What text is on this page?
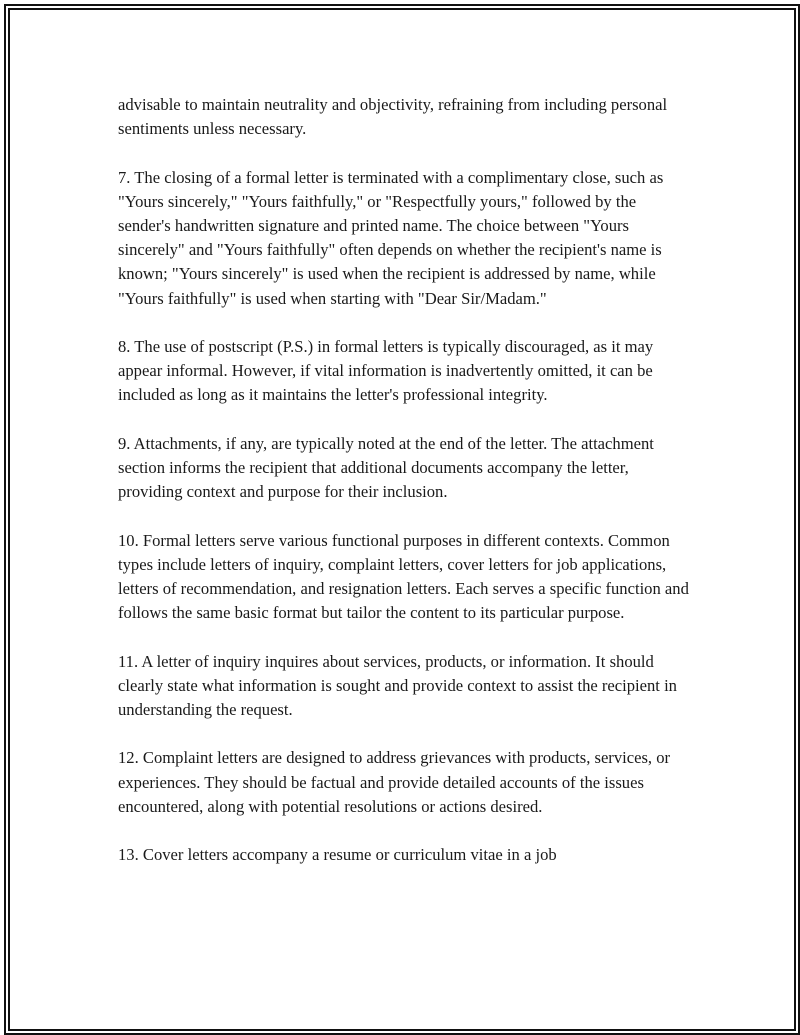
advisable to maintain neutrality and objectivity, refraining from including personal sentiments unless necessary.

7. The closing of a formal letter is terminated with a complimentary close, such as "Yours sincerely," "Yours faithfully," or "Respectfully yours," followed by the sender's handwritten signature and printed name. The choice between "Yours sincerely" and "Yours faithfully" often depends on whether the recipient's name is known; "Yours sincerely" is used when the recipient is addressed by name, while "Yours faithfully" is used when starting with "Dear Sir/Madam."

8. The use of postscript (P.S.) in formal letters is typically discouraged, as it may appear informal. However, if vital information is inadvertently omitted, it can be included as long as it maintains the letter's professional integrity.

9. Attachments, if any, are typically noted at the end of the letter. The attachment section informs the recipient that additional documents accompany the letter, providing context and purpose for their inclusion.

10. Formal letters serve various functional purposes in different contexts. Common types include letters of inquiry, complaint letters, cover letters for job applications, letters of recommendation, and resignation letters. Each serves a specific function and follows the same basic format but tailor the content to its particular purpose.

11. A letter of inquiry inquires about services, products, or information. It should clearly state what information is sought and provide context to assist the recipient in understanding the request.

12. Complaint letters are designed to address grievances with products, services, or experiences. They should be factual and provide detailed accounts of the issues encountered, along with potential resolutions or actions desired.

13. Cover letters accompany a resume or curriculum vitae in a job
